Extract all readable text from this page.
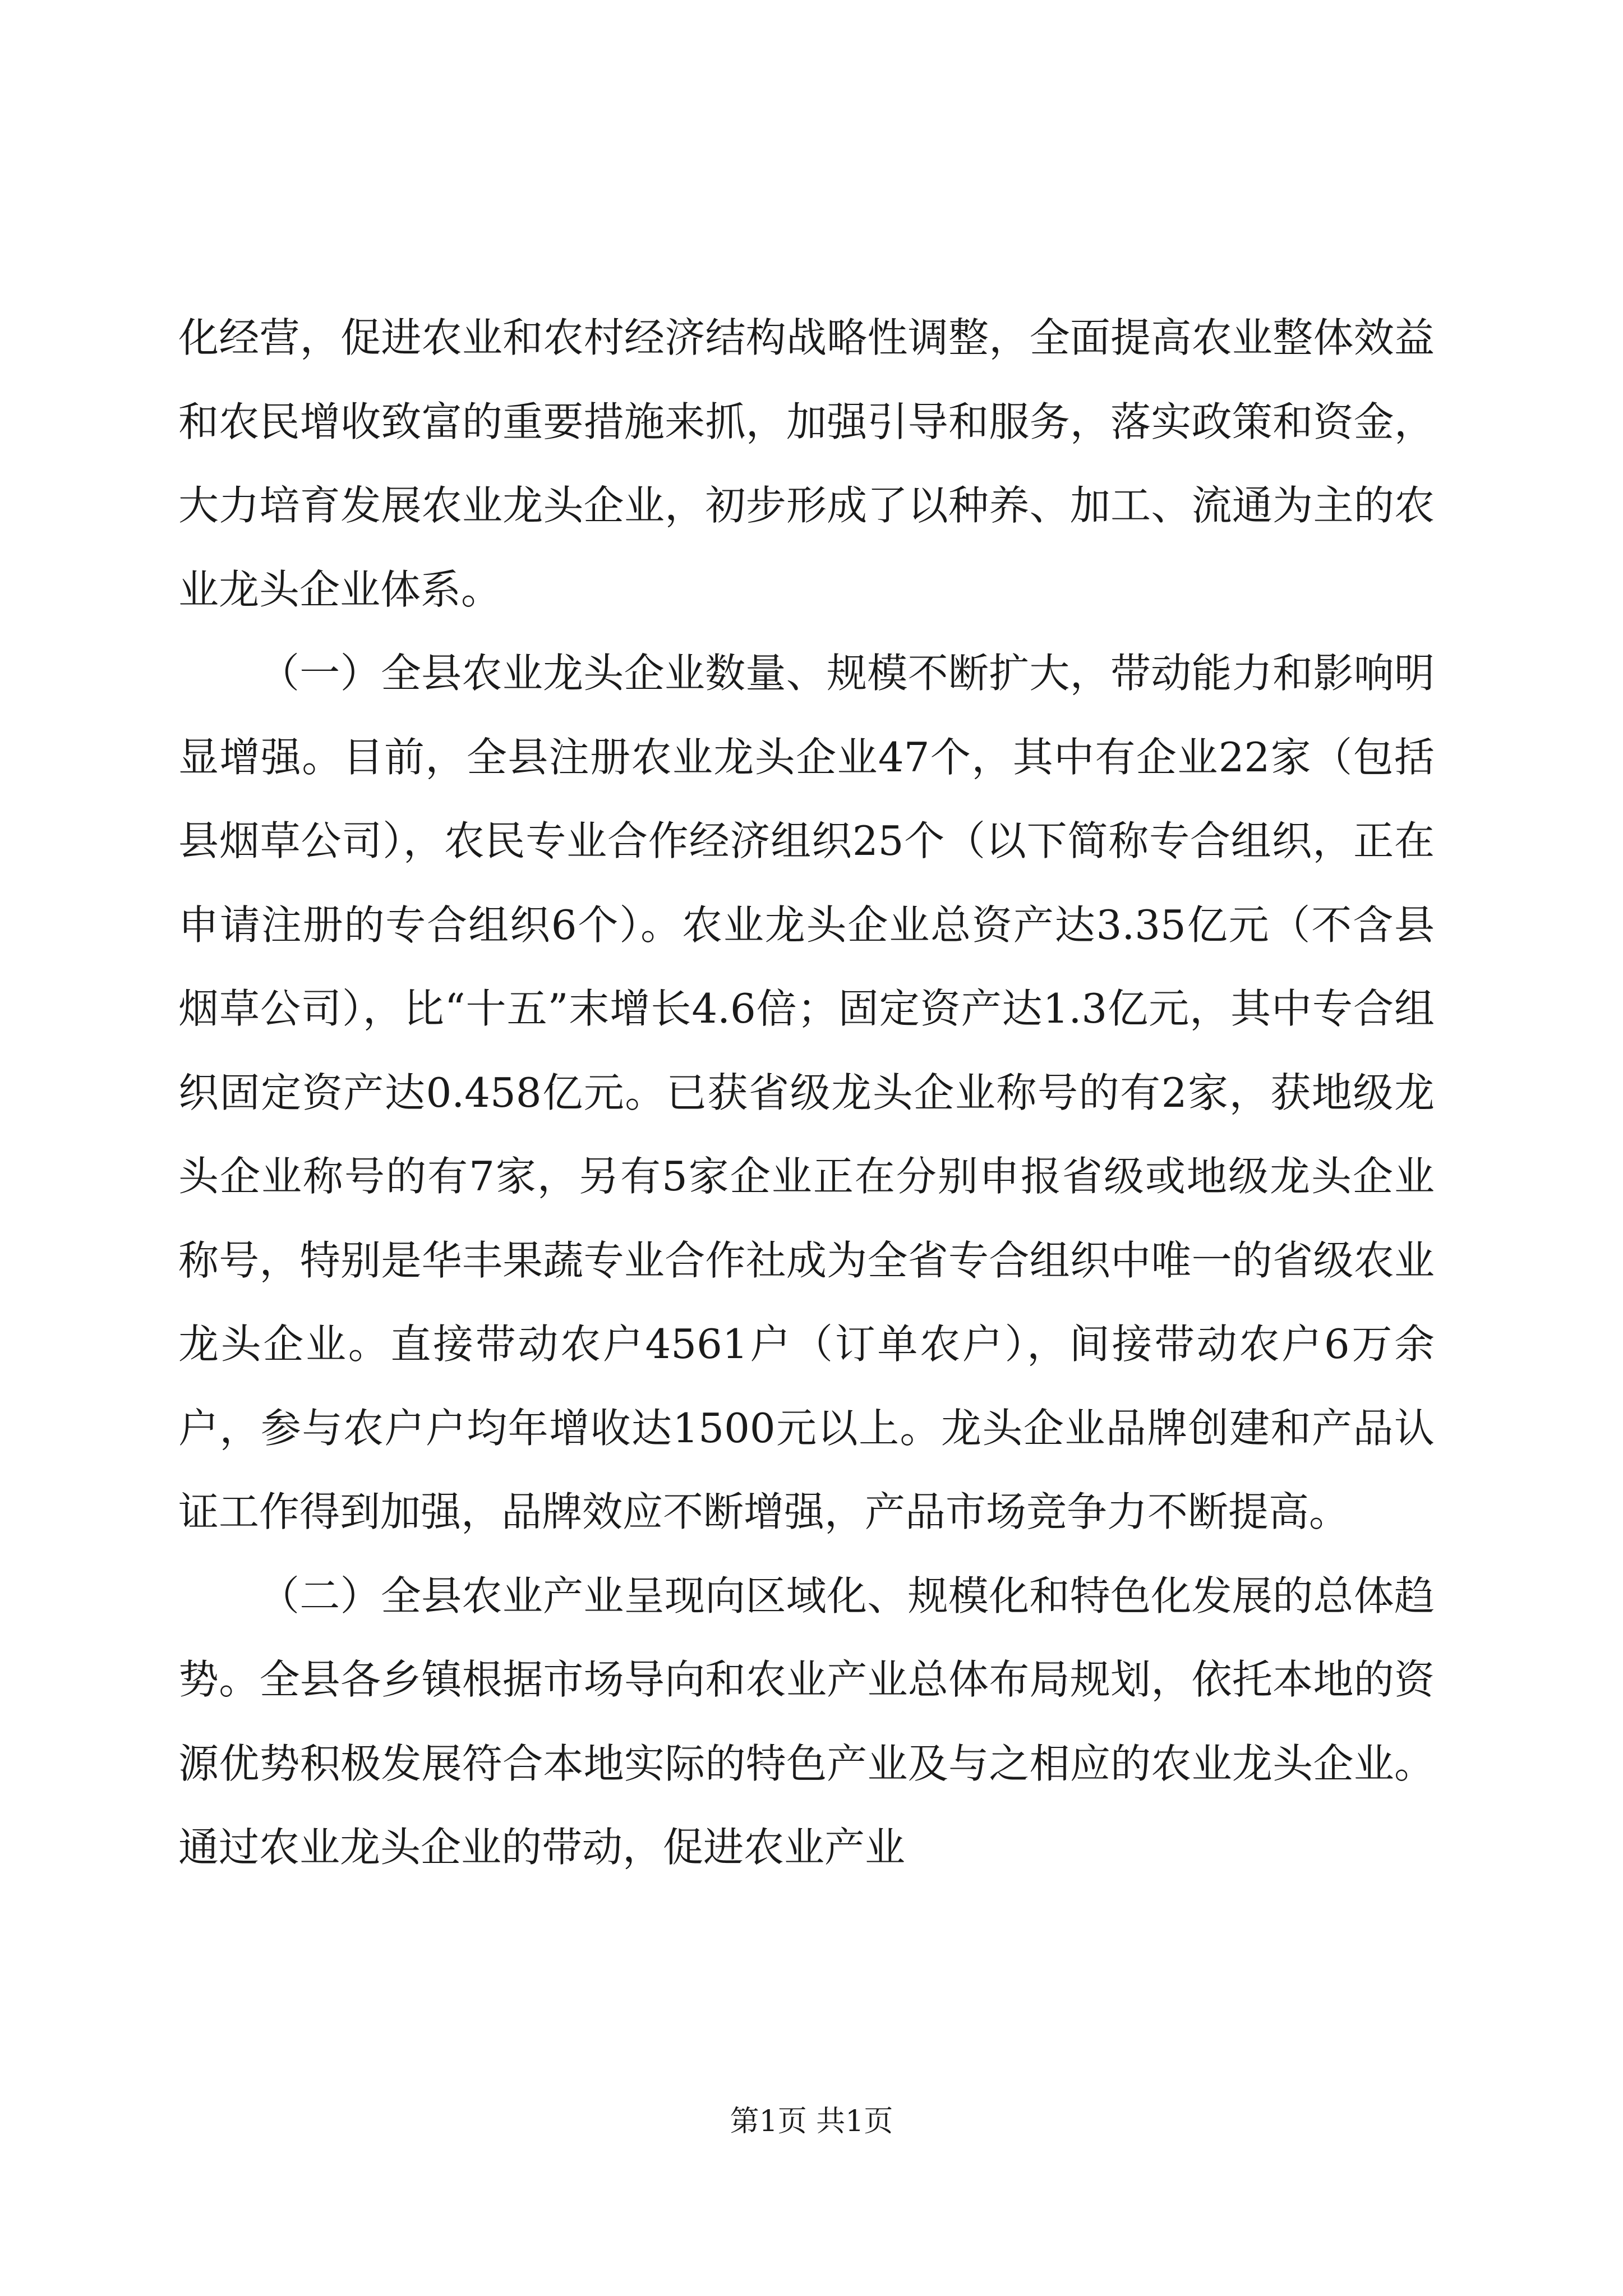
化经营，促进农业和农村经济结构战略性调整，全面提高农业整体效益和农民增收致富的重要措施来抓，加强引导和服务，落实政策和资金，大力培育发展农业龙头企业，初步形成了以种养、加工、流通为主的农业龙头企业体系。

（一）全县农业龙头企业数量、规模不断扩大，带动能力和影响明显增强。目前，全县注册农业龙头企业47个，其中有企业22家（包括县烟草公司），农民专业合作经济组织25个（以下简称专合组织，正在申请注册的专合组织6个）。农业龙头企业总资产达3.35亿元（不含县烟草公司），比“十五”末增长4.6倍；固定资产达1.3亿元，其中专合组织固定资产达0.458亿元。已获省级龙头企业称号的有2家，获地级龙头企业称号的有7家，另有5家企业正在分别申报省级或地级龙头企业称号，特别是华丰果蔬专业合作社成为全省专合组织中唯一的省级农业龙头企业。直接带动农户4561户（订单农户），间接带动农户6万余户，参与农户户均年增收达1500元以上。龙头企业品牌创建和产品认证工作得到加强，品牌效应不断增强，产品市场竞争力不断提高。

（二）全县农业产业呈现向区域化、规模化和特色化发展的总体趋势。全县各乡镇根据市场导向和农业产业总体布局规划，依托本地的资源优势积极发展符合本地实际的特色产业及与之相应的农业龙头企业。通过农业龙头企业的带动，促进农业产业

第1页 共1页
